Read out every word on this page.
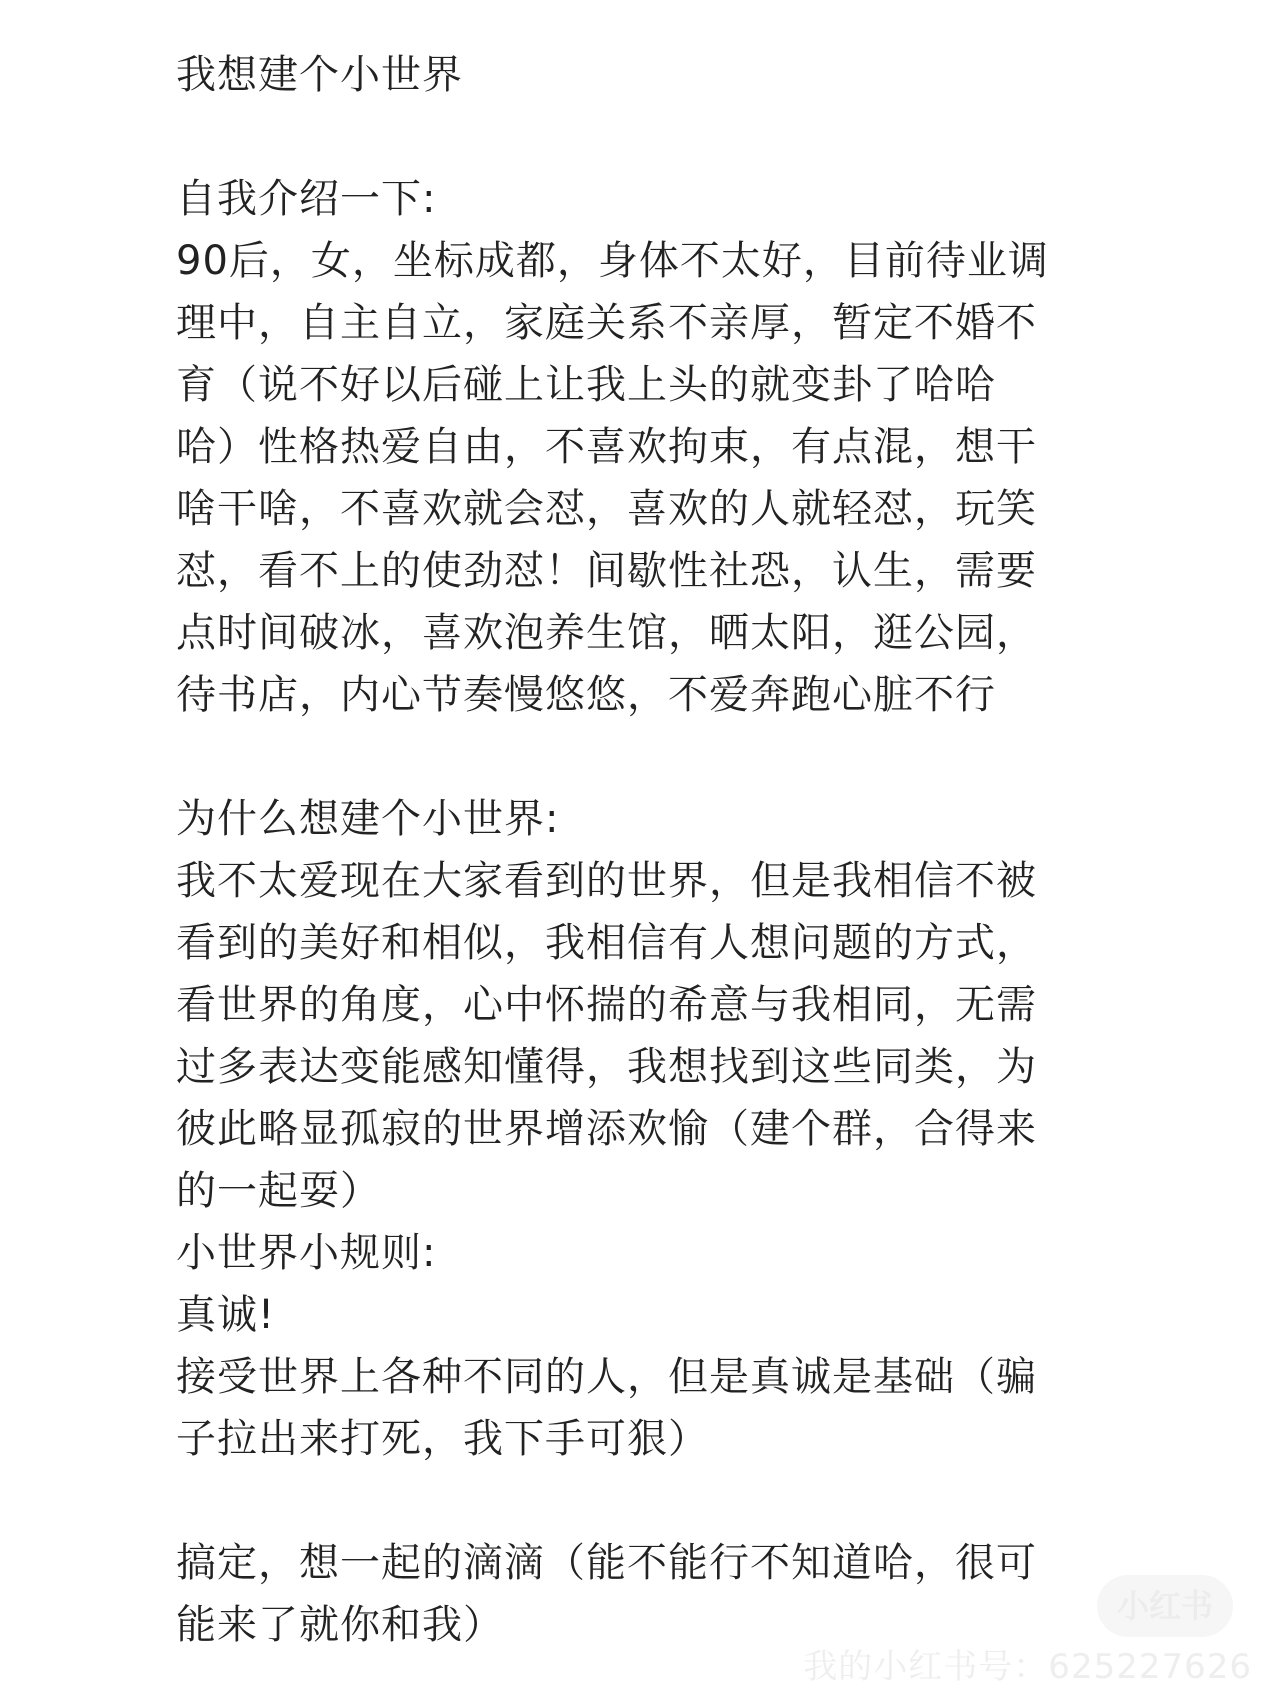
我想建个小世界
自我介绍一下:
90后，女，坐标成都，身体不太好，目前待业调
理中，自主自立，家庭关系不亲厚，暂定不婚不
育（说不好以后碰上让我上头的就变卦了哈哈
哈）性格热爱自由，不喜欢拘束，有点混，想干
啥干啥，不喜欢就会怼，喜欢的人就轻怼，玩笑
怼，看不上的使劲怼！间歇性社恐，认生，需要
点时间破冰，喜欢泡养生馆，晒太阳，逛公园，
待书店，内心节奏慢悠悠，不爱奔跑心脏不行
为什么想建个小世界:
我不太爱现在大家看到的世界，但是我相信不被
看到的美好和相似，我相信有人想问题的方式，
看世界的角度，心中怀揣的希意与我相同，无需
过多表达变能感知懂得，我想找到这些同类，为
彼此略显孤寂的世界增添欢愉（建个群，合得来
的一起耍）
小世界小规则:
真诚!
接受世界上各种不同的人，但是真诚是基础（骗
子拉出来打死，我下手可狠）
搞定，想一起的滴滴（能不能行不知道哈，很可
能来了就你和我）	小红书
我的小红书号：625227626
